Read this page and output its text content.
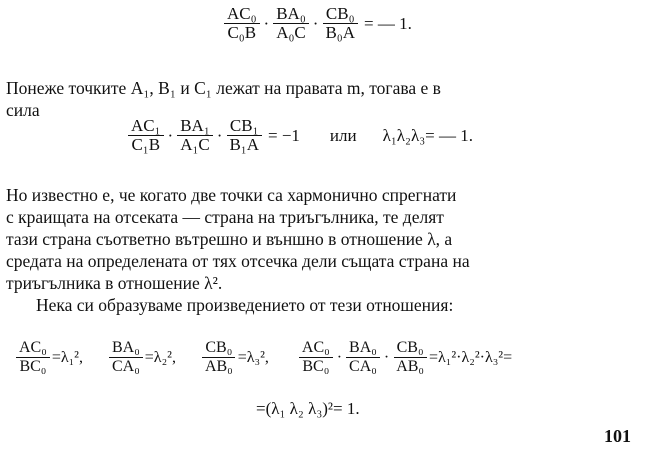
$\frac{\text{AC₀}}{\text{C₀B}} \cdot \frac{\text{BA₀}}{\text{A₀C}} \cdot \frac{\text{CB₀}}{\text{B₀A}}$ = — 1.
Понеже точките A₁, B₁ и C₁ лежат на правата m, тогава е в
сила
$\frac{\text{AC₁}}{\text{C₁B}} \cdot \frac{\text{BA₁}}{\text{A₁C}} \cdot \frac{\text{CB₁}}{\text{B₁A}} = -1$ или λ₁λ₂λ₃= — 1.
Но известно е, че когато две точки са хармонично спрегнати
с краищата на отсеката — страна на триъгълника, те делят
тази страна съответно вътрешно и външно в отношение λ, а
средата на определената от тях отсечка дели същата страна на
триъгълника в отношение λ².
Нека си образуваме произведението от тези отношения:
$\frac{\text{AC₀}}{\text{BC₀}} =\lambda_1^2$, $\frac{\text{BA₀}}{\text{CA₀}} =\lambda_2^2$, $\frac{\text{CB₀}}{\text{AB₀}} =\lambda_3^2$, $\frac{\text{AC₀}}{\text{BC₀}} \cdot \frac{\text{BA₀}}{\text{CA₀}} \cdot \frac{\text{CB₀}}{\text{AB₀}} =\lambda_1^2\cdot\lambda_2^2\cdot\lambda_3^2=$
=(λ₁ λ₂ λ₃)²= 1.
101
